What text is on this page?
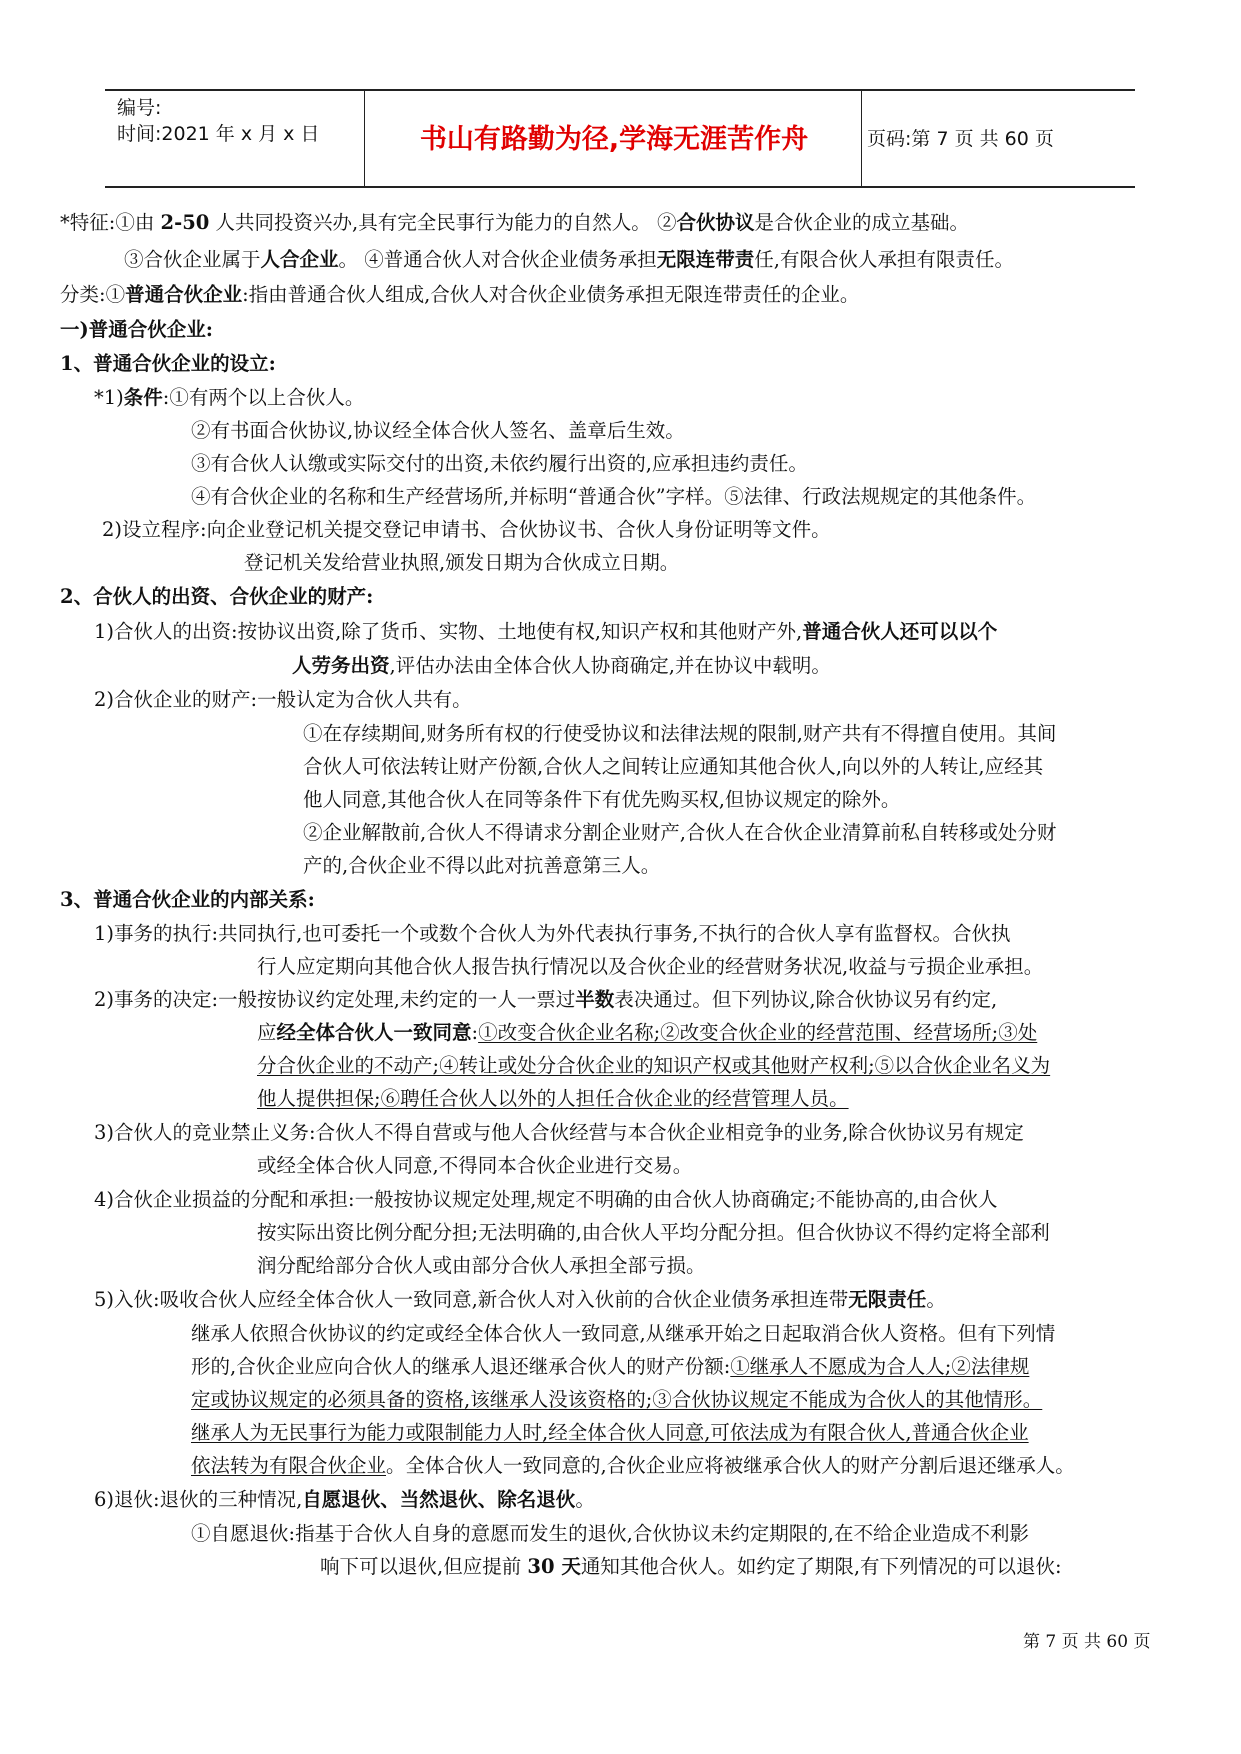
编号:
时间:2021 年 x 月 x 日	书山有路勤为径,学海无涯苦作舟	页码:第 7 页 共 60 页
*特征:①由 2-50 人共同投资兴办,具有完全民事行为能力的自然人。 ②合伙协议是合伙企业的成立基础。
③合伙企业属于人合企业。 ④普通合伙人对合伙企业债务承担无限连带责任,有限合伙人承担有限责任。
分类:①普通合伙企业:指由普通合伙人组成,合伙人对合伙企业债务承担无限连带责任的企业。
一)普通合伙企业:
1、普通合伙企业的设立:
*1)条件:①有两个以上合伙人。
②有书面合伙协议,协议经全体合伙人签名、盖章后生效。
③有合伙人认缴或实际交付的出资,未依约履行出资的,应承担违约责任。
④有合伙企业的名称和生产经营场所,并标明“普通合伙”字样。⑤法律、行政法规规定的其他条件。
2)设立程序:向企业登记机关提交登记申请书、合伙协议书、合伙人身份证明等文件。
登记机关发给营业执照,颁发日期为合伙成立日期。
2、合伙人的出资、合伙企业的财产:
1)合伙人的出资:按协议出资,除了货币、实物、土地使有权,知识产权和其他财产外,普通合伙人还可以以个
人劳务出资,评估办法由全体合伙人协商确定,并在协议中载明。
2)合伙企业的财产:一般认定为合伙人共有。
①在存续期间,财务所有权的行使受协议和法律法规的限制,财产共有不得擅自使用。其间
合伙人可依法转让财产份额,合伙人之间转让应通知其他合伙人,向以外的人转让,应经其
他人同意,其他合伙人在同等条件下有优先购买权,但协议规定的除外。
②企业解散前,合伙人不得请求分割企业财产,合伙人在合伙企业清算前私自转移或处分财
产的,合伙企业不得以此对抗善意第三人。
3、普通合伙企业的内部关系:
1)事务的执行:共同执行,也可委托一个或数个合伙人为外代表执行事务,不执行的合伙人享有监督权。合伙执
行人应定期向其他合伙人报告执行情况以及合伙企业的经营财务状况,收益与亏损企业承担。
2)事务的决定:一般按协议约定处理,未约定的一人一票过半数表决通过。但下列协议,除合伙协议另有约定,
应经全体合伙人一致同意:①改变合伙企业名称;②改变合伙企业的经营范围、经营场所;③处
分合伙企业的不动产;④转让或处分合伙企业的知识产权或其他财产权利;⑤以合伙企业名义为
他人提供担保;⑥聘任合伙人以外的人担任合伙企业的经营管理人员。
3)合伙人的竞业禁止义务:合伙人不得自营或与他人合伙经营与本合伙企业相竞争的业务,除合伙协议另有规定
或经全体合伙人同意,不得同本合伙企业进行交易。
4)合伙企业损益的分配和承担:一般按协议规定处理,规定不明确的由合伙人协商确定;不能协高的,由合伙人
按实际出资比例分配分担;无法明确的,由合伙人平均分配分担。但合伙协议不得约定将全部利
润分配给部分合伙人或由部分合伙人承担全部亏损。
5)入伙:吸收合伙人应经全体合伙人一致同意,新合伙人对入伙前的合伙企业债务承担连带无限责任。
继承人依照合伙协议的约定或经全体合伙人一致同意,从继承开始之日起取消合伙人资格。但有下列情
形的,合伙企业应向合伙人的继承人退还继承合伙人的财产份额:①继承人不愿成为合人人;②法律规
定或协议规定的必须具备的资格,该继承人没该资格的;③合伙协议规定不能成为合伙人的其他情形。
继承人为无民事行为能力或限制能力人时,经全体合伙人同意,可依法成为有限合伙人,普通合伙企业
依法转为有限合伙企业。全体合伙人一致同意的,合伙企业应将被继承合伙人的财产分割后退还继承人。
6)退伙:退伙的三种情况,自愿退伙、当然退伙、除名退伙。
①自愿退伙:指基于合伙人自身的意愿而发生的退伙,合伙协议未约定期限的,在不给企业造成不利影
响下可以退伙,但应提前 30 天通知其他合伙人。如约定了期限,有下列情况的可以退伙:
第 7 页 共 60 页
